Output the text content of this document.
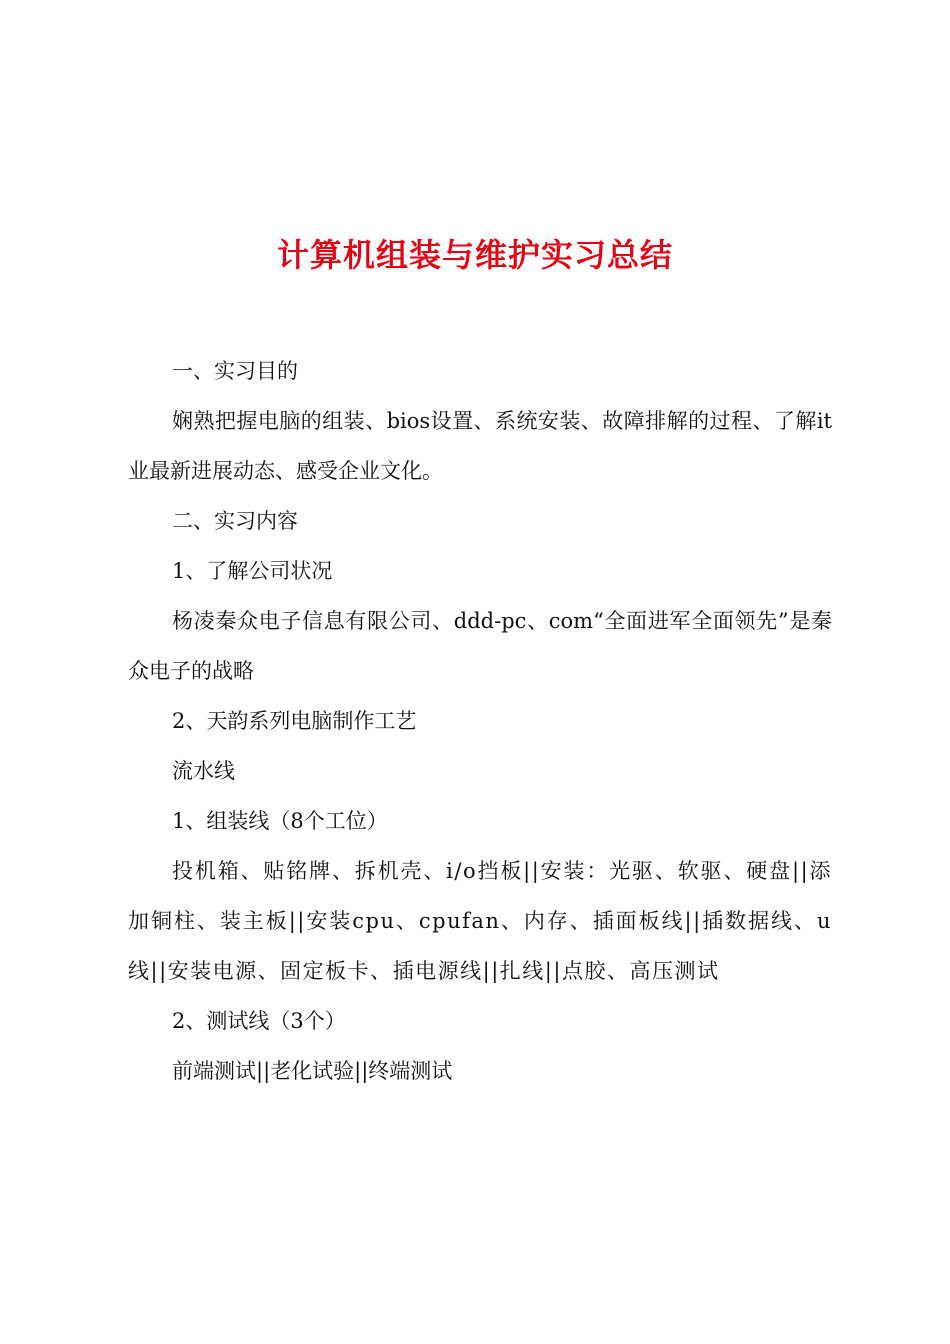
计算机组装与维护实习总结

一、实习目的

娴熟把握电脑的组装、bios设置、系统安装、故障排解的过程、了解it业最新进展动态、感受企业文化。

二、实习内容

1、了解公司状况

杨凌秦众电子信息有限公司、ddd-pc、com“全面进军全面领先”是秦众电子的战略

2、天韵系列电脑制作工艺

流水线

1、组装线（8个工位）

投机箱、贴铭牌、拆机壳、i/o挡板||安装：光驱、软驱、硬盘||添加铜柱、装主板||安装cpu、cpufan、内存、插面板线||插数据线、u线||安装电源、固定板卡、插电源线||扎线||点胶、高压测试

2、测试线（3个）

前端测试||老化试验||终端测试
